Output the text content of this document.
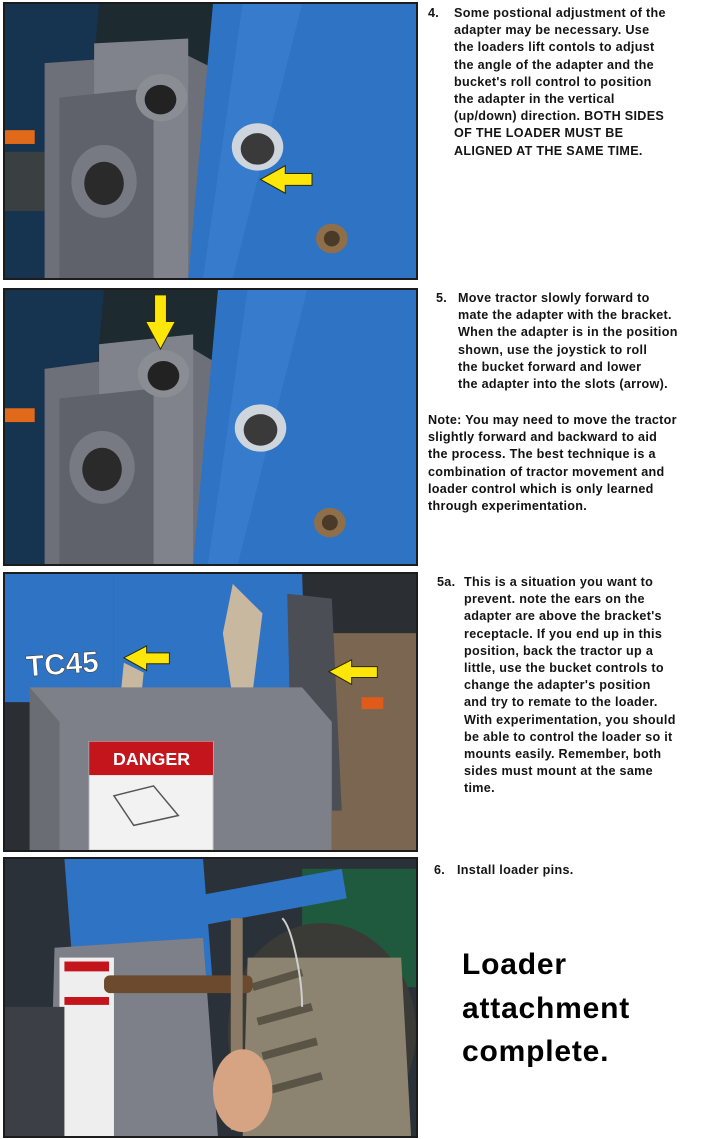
DANGER
TC45
4. Some postional adjustment of the
adapter may be necessary. Use
the loaders lift contols to adjust
the angle of the adapter and the
bucket's roll control to position
the adapter in the vertical
(up/down) direction. BOTH SIDES
OF THE LOADER MUST BE
ALIGNED AT THE SAME TIME.
5. Move tractor slowly forward to
mate the adapter with the bracket.
When the adapter is in the position
shown, use the joystick to roll
the bucket forward and lower
the adapter into the slots (arrow).
Note: You may need to move the tractor
slightly forward and backward to aid
the process. The best technique is a
combination of tractor movement and
loader control which is only learned
through experimentation.
5a. This is a situation you want to
prevent. note the ears on the
adapter are above the bracket's
receptacle. If you end up in this
position, back the tractor up a
little, use the bucket controls to
change the adapter's position
and try to remate to the loader.
With experimentation, you should
be able to control the loader so it
mounts easily. Remember, both
sides must mount at the same
time.
6. Install loader pins.
Loader
attachment
complete.
